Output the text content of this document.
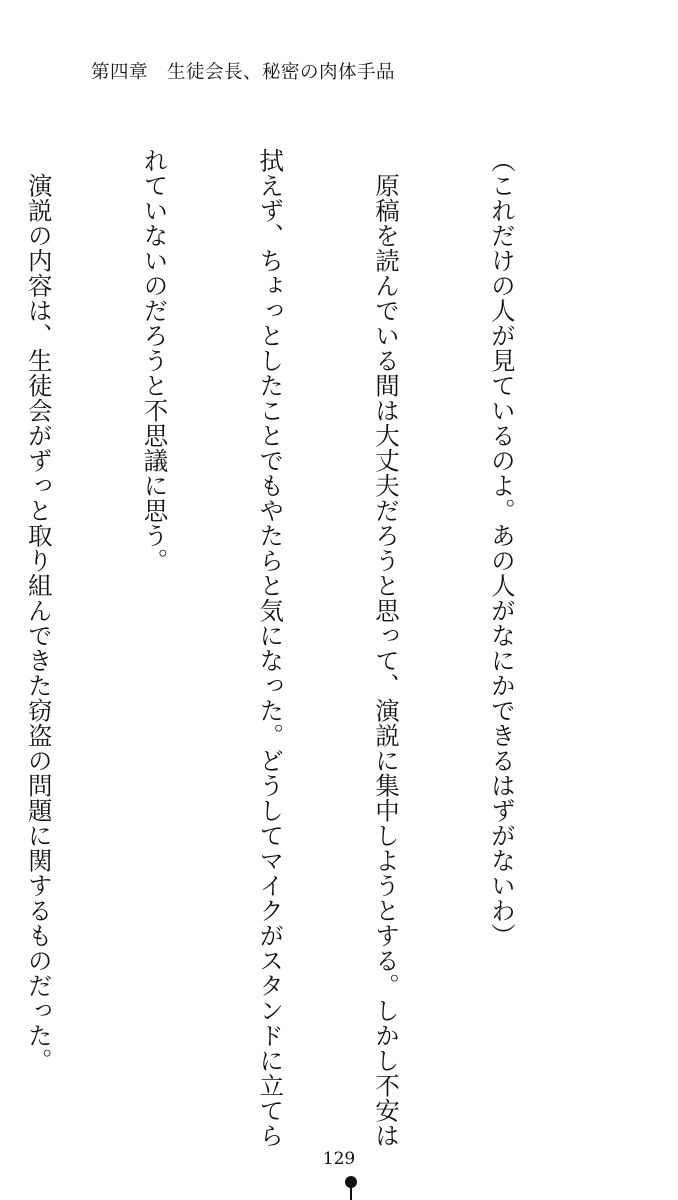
第四章　生徒会長、秘密の肉体手品

（これだけの人が見ているのよ。あの人がなにかできるはずがないわ）

　原稿を読んでいる間は大丈夫だろうと思って、演説に集中しようとする。しかし不安は

拭えず、ちょっとしたことでもやたらと気になった。どうしてマイクがスタンドに立てら

れていないのだろうと不思議に思う。

　演説の内容は、生徒会がずっと取り組んできた窃盗の問題に関するものだった。

129
